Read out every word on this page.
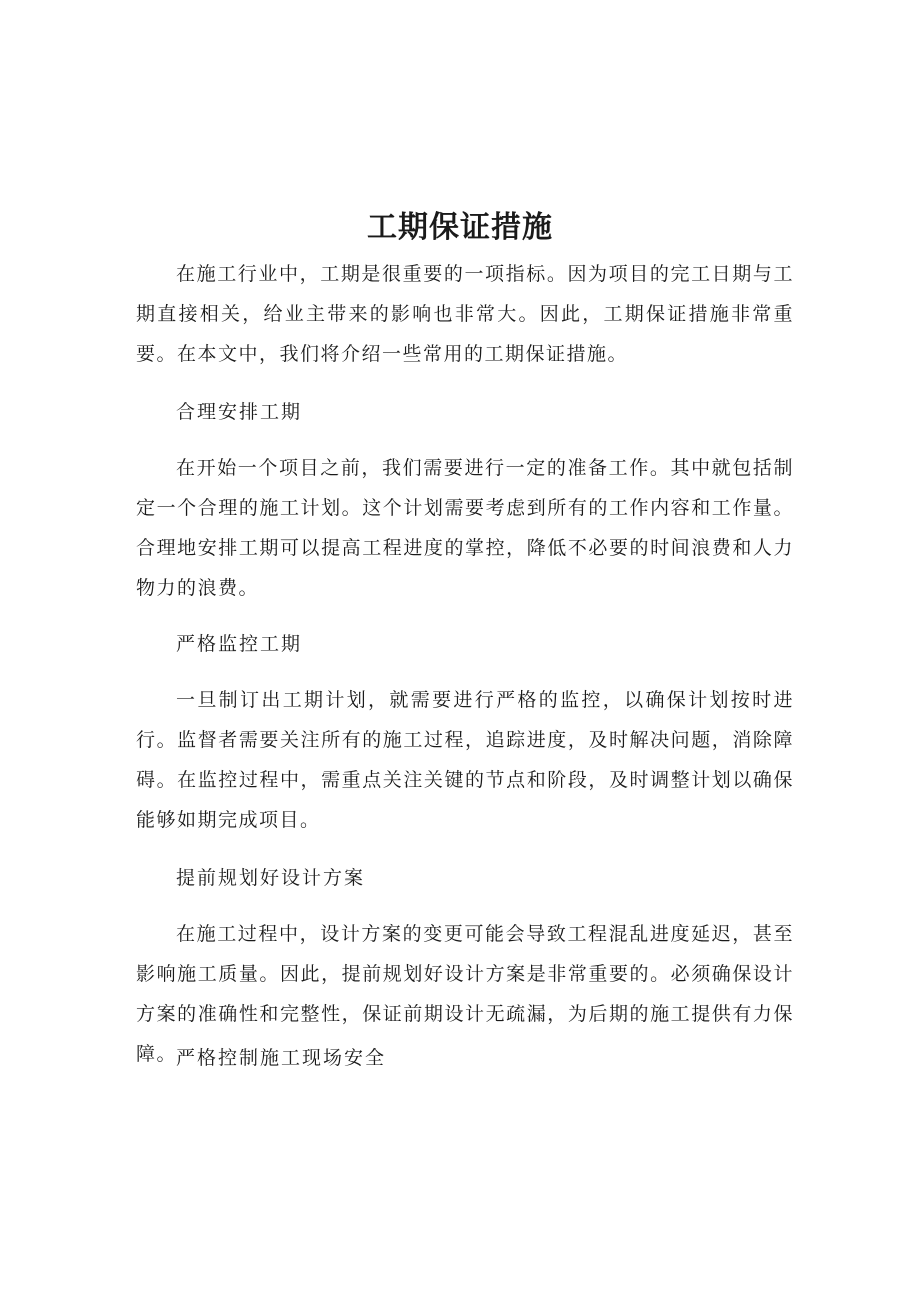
工期保证措施

在施工行业中，工期是很重要的一项指标。因为项目的完工日期与工期直接相关，给业主带来的影响也非常大。因此，工期保证措施非常重要。在本文中，我们将介绍一些常用的工期保证措施。

合理安排工期

在开始一个项目之前，我们需要进行一定的准备工作。其中就包括制定一个合理的施工计划。这个计划需要考虑到所有的工作内容和工作量。合理地安排工期可以提高工程进度的掌控，降低不必要的时间浪费和人力物力的浪费。

严格监控工期

一旦制订出工期计划，就需要进行严格的监控，以确保计划按时进行。监督者需要关注所有的施工过程，追踪进度，及时解决问题，消除障碍。在监控过程中，需重点关注关键的节点和阶段，及时调整计划以确保能够如期完成项目。

提前规划好设计方案

在施工过程中，设计方案的变更可能会导致工程混乱进度延迟，甚至影响施工质量。因此，提前规划好设计方案是非常重要的。必须确保设计方案的准确性和完整性，保证前期设计无疏漏，为后期的施工提供有力保障。

严格控制施工现场安全
